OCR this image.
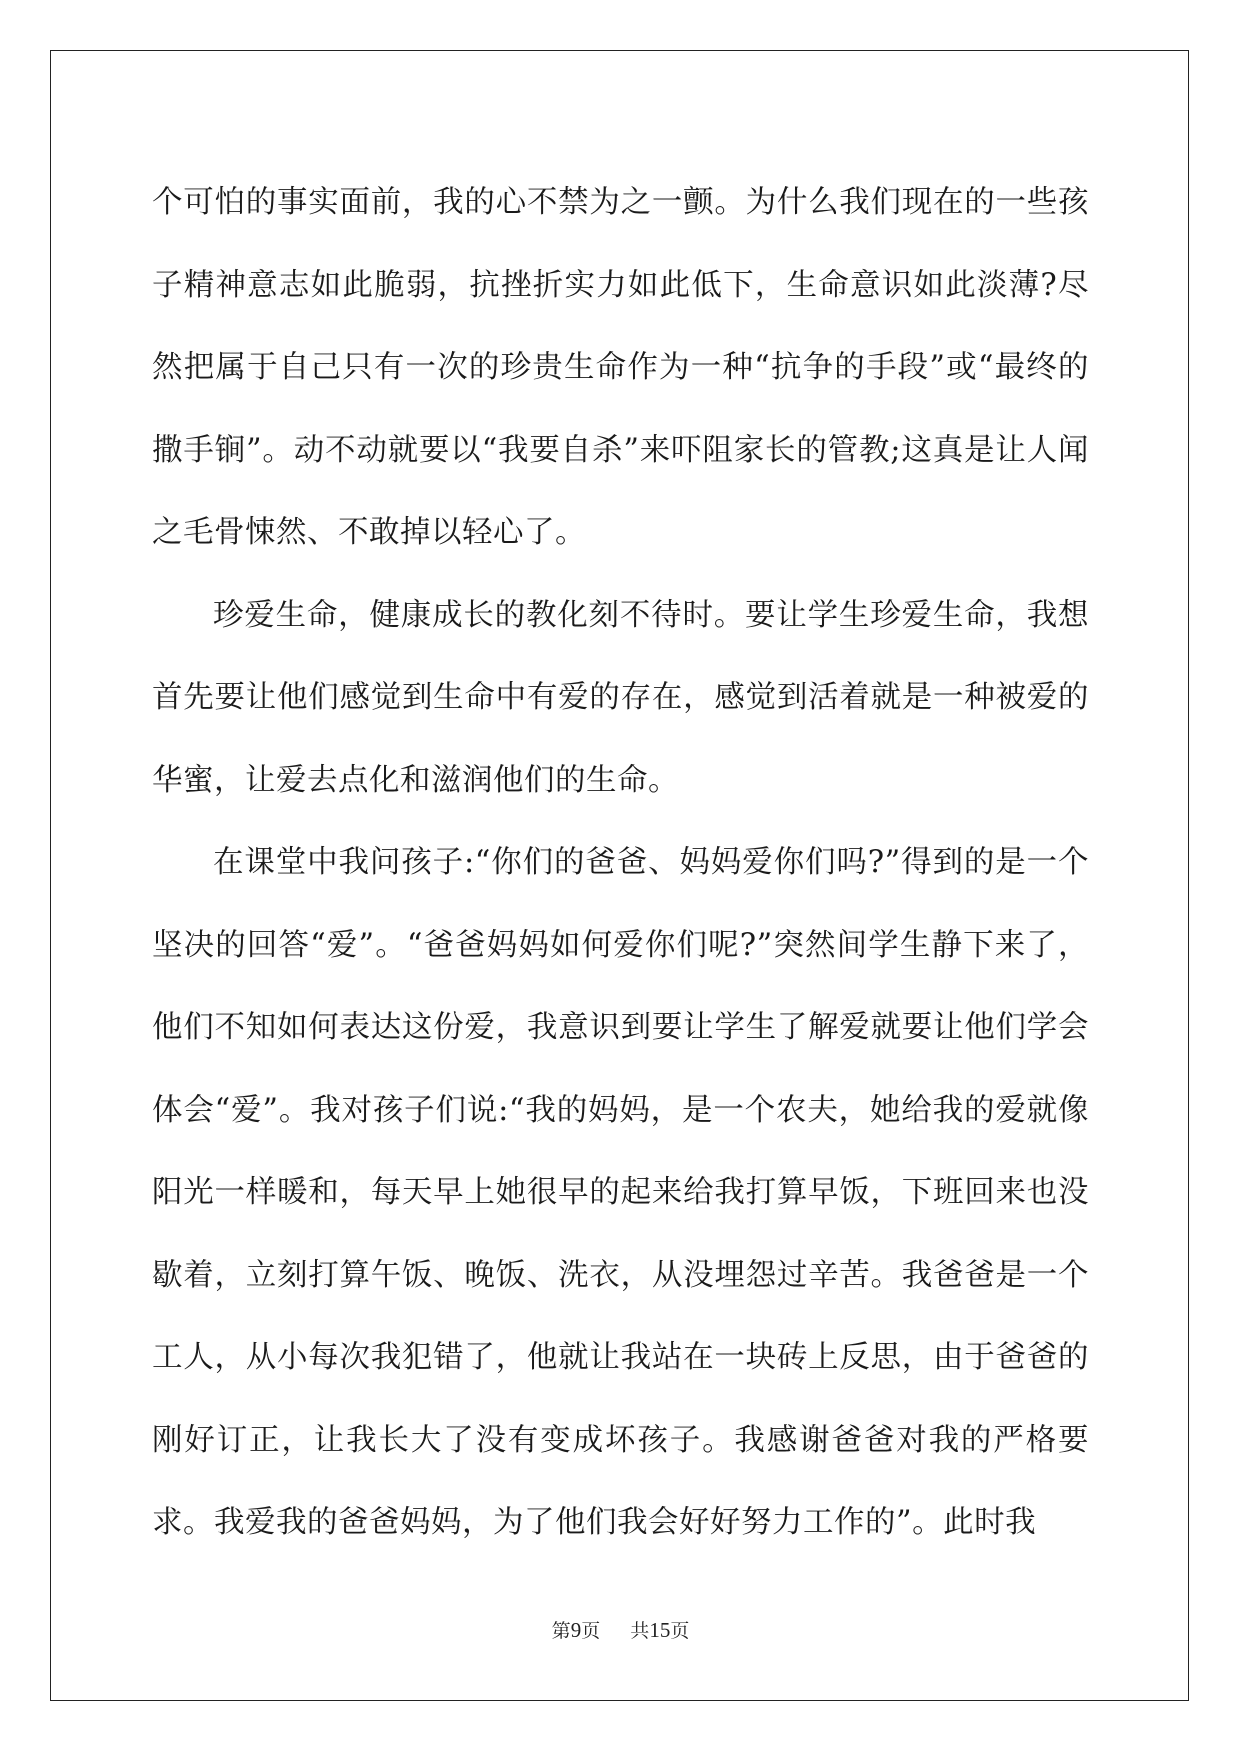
个可怕的事实面前，我的心不禁为之一颤。为什么我们现在的一些孩子精神意志如此脆弱，抗挫折实力如此低下，生命意识如此淡薄?尽然把属于自己只有一次的珍贵生命作为一种“抗争的手段”或“最终的撒手锏”。动不动就要以“我要自杀”来吓阻家长的管教;这真是让人闻之毛骨悚然、不敢掉以轻心了。

珍爱生命，健康成长的教化刻不待时。要让学生珍爱生命，我想首先要让他们感觉到生命中有爱的存在，感觉到活着就是一种被爱的华蜜，让爱去点化和滋润他们的生命。

在课堂中我问孩子:“你们的爸爸、妈妈爱你们吗?”得到的是一个坚决的回答“爱”。“爸爸妈妈如何爱你们呢?”突然间学生静下来了，他们不知如何表达这份爱，我意识到要让学生了解爱就要让他们学会体会“爱”。我对孩子们说:“我的妈妈，是一个农夫，她给我的爱就像阳光一样暖和，每天早上她很早的起来给我打算早饭，下班回来也没歇着，立刻打算午饭、晚饭、洗衣，从没埋怨过辛苦。我爸爸是一个工人，从小每次我犯错了，他就让我站在一块砖上反思，由于爸爸的刚好订正，让我长大了没有变成坏孩子。我感谢爸爸对我的严格要求。我爱我的爸爸妈妈，为了他们我会好好努力工作的”。此时我

第9页 共15页
